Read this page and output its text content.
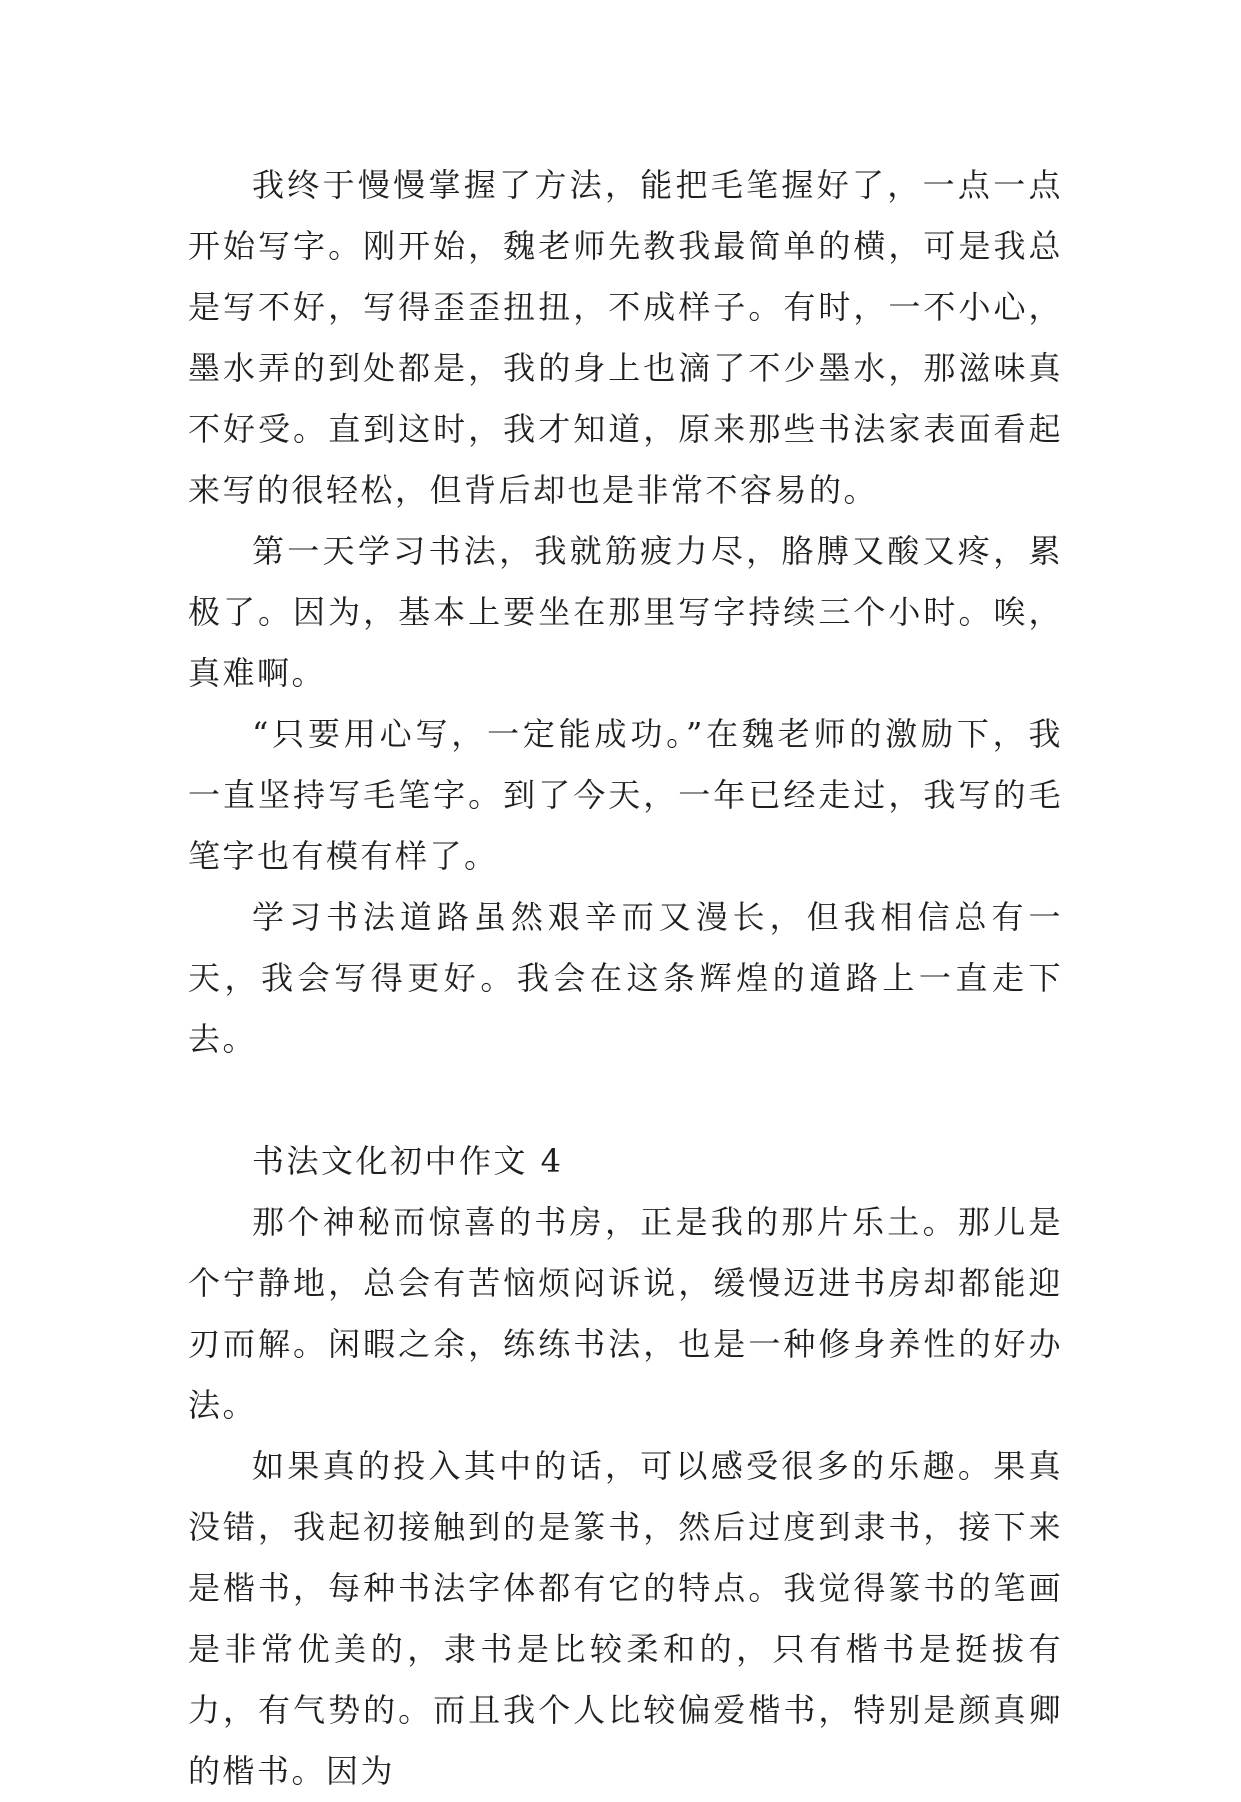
我终于慢慢掌握了方法，能把毛笔握好了，一点一点开始写字。刚开始，魏老师先教我最简单的横，可是我总是写不好，写得歪歪扭扭，不成样子。有时，一不小心，墨水弄的到处都是，我的身上也滴了不少墨水，那滋味真不好受。直到这时，我才知道，原来那些书法家表面看起来写的很轻松，但背后却也是非常不容易的。

第一天学习书法，我就筋疲力尽，胳膊又酸又疼，累极了。因为，基本上要坐在那里写字持续三个小时。唉，真难啊。

“只要用心写，一定能成功。”在魏老师的激励下，我一直坚持写毛笔字。到了今天，一年已经走过，我写的毛笔字也有模有样了。

学习书法道路虽然艰辛而又漫长，但我相信总有一天，我会写得更好。我会在这条辉煌的道路上一直走下去。

书法文化初中作文 4

那个神秘而惊喜的书房，正是我的那片乐土。那儿是个宁静地，总会有苦恼烦闷诉说，缓慢迈进书房却都能迎刃而解。闲暇之余，练练书法，也是一种修身养性的好办法。

如果真的投入其中的话，可以感受很多的乐趣。果真没错，我起初接触到的是篆书，然后过度到隶书，接下来是楷书，每种书法字体都有它的特点。我觉得篆书的笔画是非常优美的，隶书是比较柔和的，只有楷书是挺拔有力，有气势的。而且我个人比较偏爱楷书，特别是颜真卿的楷书。因为
